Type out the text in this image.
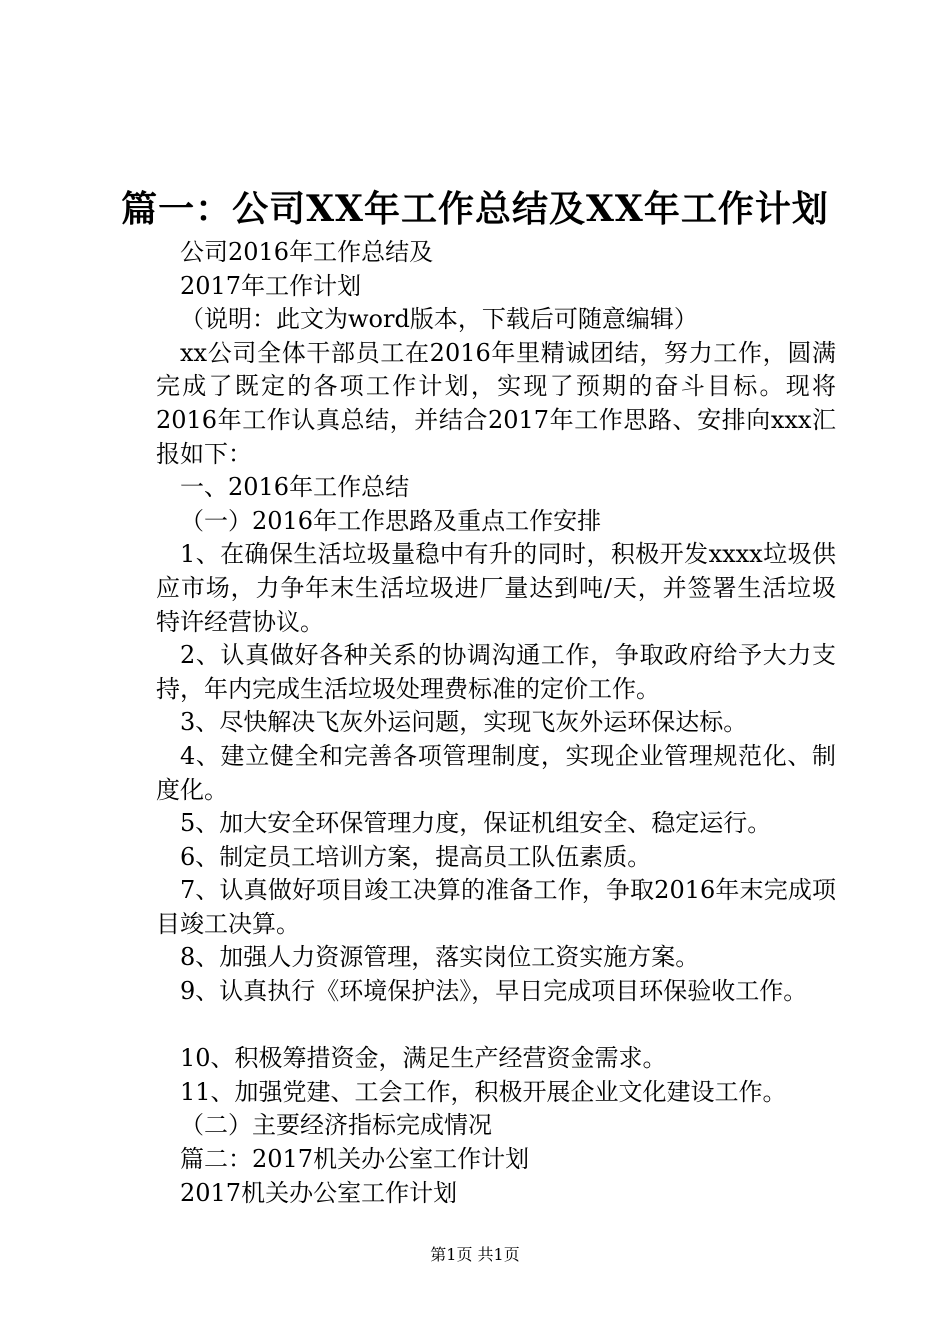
篇一：公司XX年工作总结及XX年工作计划

公司2016年工作总结及

2017年工作计划

（说明：此文为word版本，下载后可随意编辑）

xx公司全体干部员工在2016年里精诚团结，努力工作，圆满完成了既定的各项工作计划，实现了预期的奋斗目标。现将2016年工作认真总结，并结合2017年工作思路、安排向xxx汇报如下：

一、2016年工作总结

（一）2016年工作思路及重点工作安排

1、在确保生活垃圾量稳中有升的同时，积极开发xxxx垃圾供应市场，力争年末生活垃圾进厂量达到吨/天，并签署生活垃圾特许经营协议。

2、认真做好各种关系的协调沟通工作，争取政府给予大力支持，年内完成生活垃圾处理费标准的定价工作。

3、尽快解决飞灰外运问题，实现飞灰外运环保达标。

4、建立健全和完善各项管理制度，实现企业管理规范化、制度化。

5、加大安全环保管理力度，保证机组安全、稳定运行。

6、制定员工培训方案，提高员工队伍素质。

7、认真做好项目竣工决算的准备工作，争取2016年末完成项目竣工决算。

8、加强人力资源管理，落实岗位工资实施方案。

9、认真执行《环境保护法》，早日完成项目环保验收工作。

10、积极筹措资金，满足生产经营资金需求。

11、加强党建、工会工作，积极开展企业文化建设工作。

（二）主要经济指标完成情况

篇二：2017机关办公室工作计划

2017机关办公室工作计划

第1页 共1页
